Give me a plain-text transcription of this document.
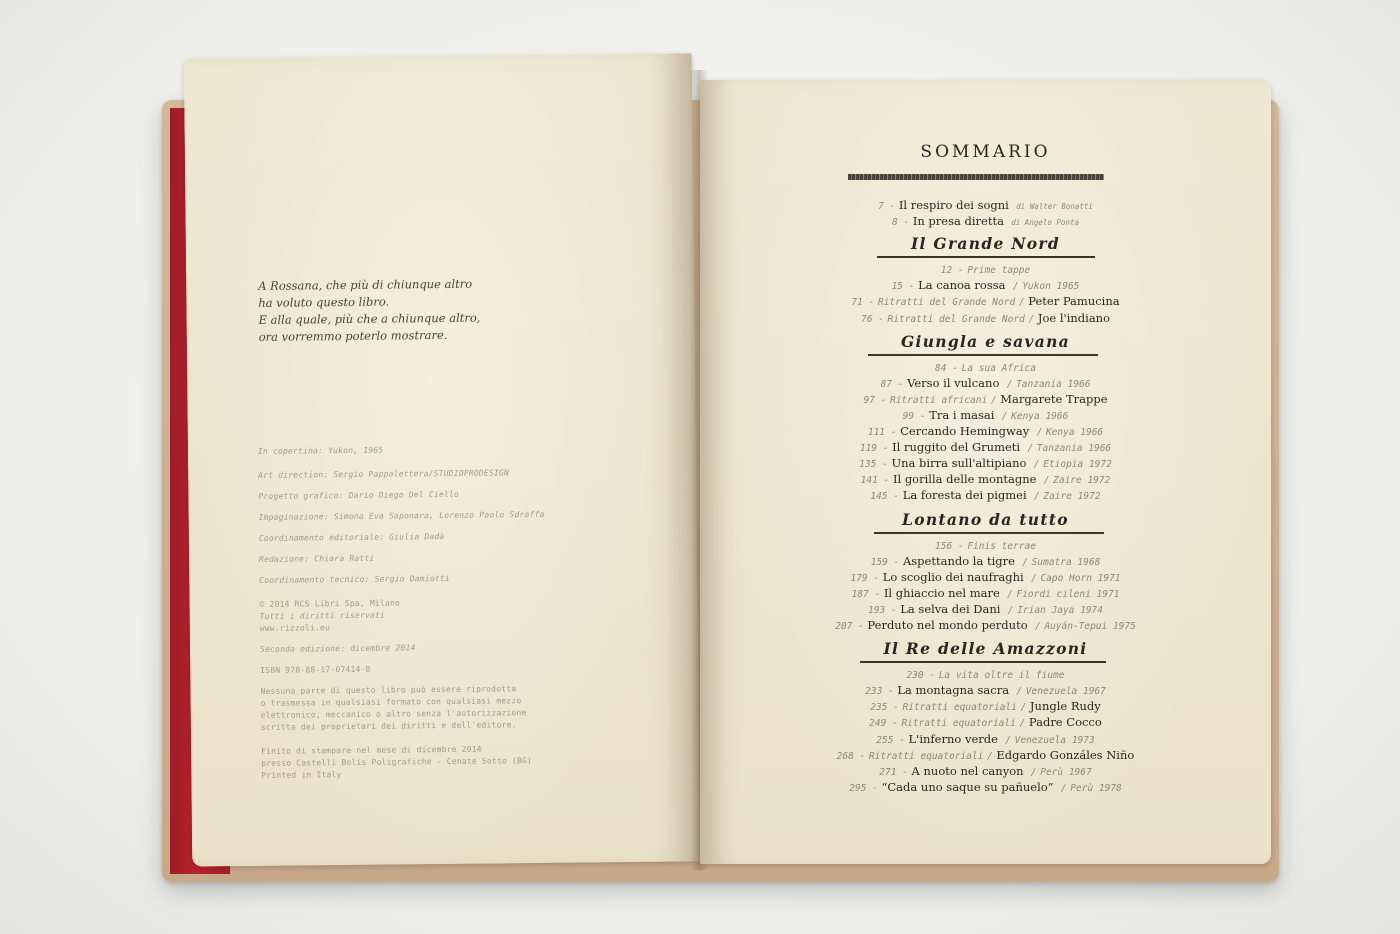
A Rossana, che più di chiunque altro
ha voluto questo libro.
E alla quale, più che a chiunque altro,
ora vorremmo poterlo mostrare.
In copertina: Yukon, 1965
Art direction: Sergio Pappalettera/STUDIOPRODESIGN
Progetto grafico: Dario Diego Del Ciello
Impaginazione: Simona Eva Saponara, Lorenzo Paolo Sdraffa
Coordinamento editoriale: Giulia Dadà
Redazione: Chiara Ratti
Coordinamento tecnico: Sergio Damiotti
© 2014 RCS Libri Spa, Milano
Tutti i diritti riservati
www.rizzoli.eu
Seconda edizione: dicembre 2014
ISBN 978-88-17-07414-8
Nessuna parte di questo libro può essere riprodotta
o trasmessa in qualsiasi formato con qualsiasi mezzo
elettronico, meccanico o altro senza l'autorizzazione
scritta dei proprietari dei diritti e dell'editore.
Finito di stampare nel mese di dicembre 2014
presso Castelli Bolis Poligrafiche - Cenate Sotto (BG)
Printed in Italy
SOMMARIO
7 - Il respiro dei sogni di Walter Bonatti
8 - In presa diretta di Angelo Ponta
Il Grande Nord
12 - Prime tappe
15 - La canoa rossa / Yukon 1965
71 - Ritratti del Grande Nord / Peter Pamucina
76 - Ritratti del Grande Nord / Joe l'indiano
Giungla e savana
84 - La sua Africa
87 - Verso il vulcano / Tanzania 1966
97 - Ritratti africani / Margarete Trappe
99 - Tra i masai / Kenya 1966
111 - Cercando Hemingway / Kenya 1966
119 - Il ruggito del Grumeti / Tanzania 1966
135 - Una birra sull'altipiano / Etiopia 1972
141 - Il gorilla delle montagne / Zaire 1972
145 - La foresta dei pigmei / Zaire 1972
Lontano da tutto
156 - Finis terrae
159 - Aspettando la tigre / Sumatra 1968
179 - Lo scoglio dei naufraghi / Capo Horn 1971
187 - Il ghiaccio nel mare / Fiordi cileni 1971
193 - La selva dei Dani / Irian Jaya 1974
207 - Perduto nel mondo perduto / Auyán-Tepui 1975
Il Re delle Amazzoni
230 - La vita oltre il fiume
233 - La montagna sacra / Venezuela 1967
235 - Ritratti equatoriali / Jungle Rudy
249 - Ritratti equatoriali / Padre Cocco
255 - L'inferno verde / Venezuela 1973
268 - Ritratti equatoriali / Edgardo Gonzáles Niño
271 - A nuoto nel canyon / Perù 1967
295 - “Cada uno saque su pañuelo” / Perù 1978
